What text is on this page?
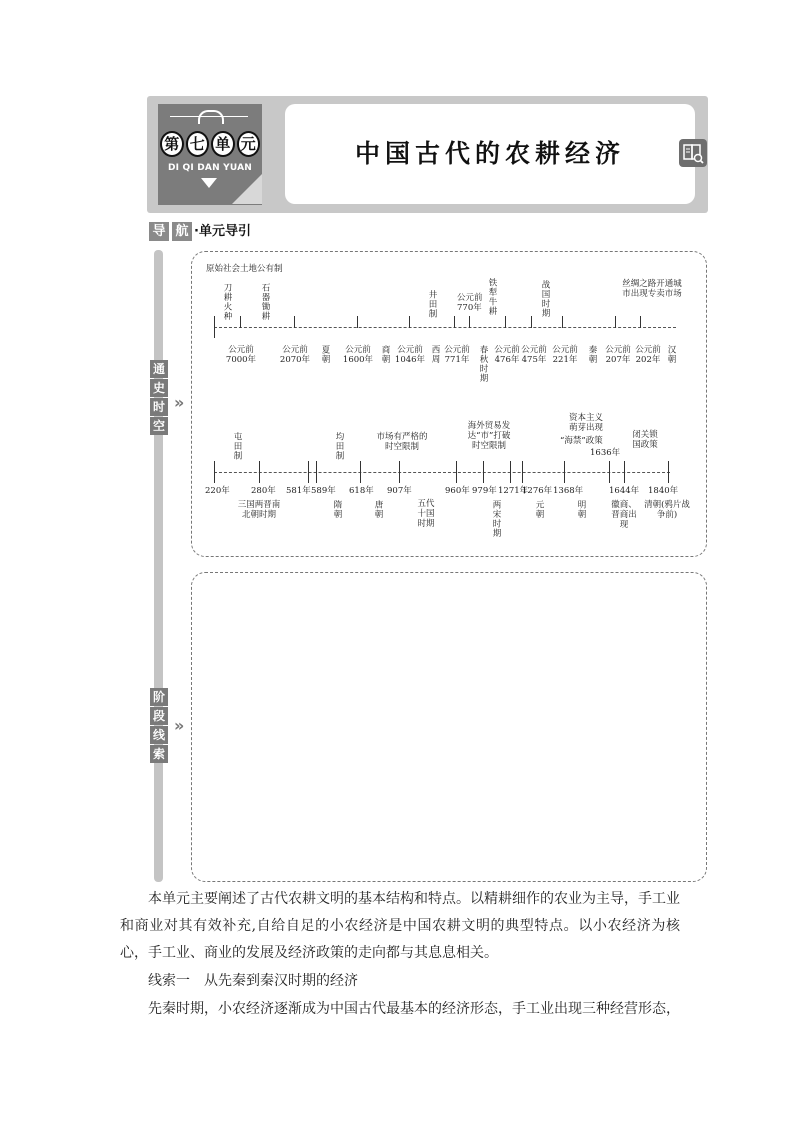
第 七 单 元
DI QI DAN YUAN	中国古代的农耕经济
导 航 ·单元导引
通
史
时
空
»
阶
段
线
索
»
原始社会土地公有制
刀耕火种	石器锄耕	井田制 公元前770年 铁犁牛耕	战国时期	丝绸之路开通城市出现专卖市场
公元前7000年
公元前2070年 夏朝	公元前1600年 商朝 公元前1046年 西周 公元前771年	春秋时期 公元前476年
公元前475年
公元前221年	秦朝 公元前207年
公元前202年 汉朝
屯田制	均田制	市场有严格的时空限制
海外贸易发达“市”打破时空限制
资本主义萌芽出现
“海禁”政策
1636年
闭关锁国政策
220年
三国两晋南北朝时期
280年 581年
隋朝
589年 618年
唐朝
907年
五代十国时期
960年 979年
两宋时期
1271年
1276年
元朝
1368年
明朝
1644年
徽商、晋商出现
1840年
清朝(鸦片战争前)
本单元主要阐述了古代农耕文明的基本结构和特点。以精耕细作的农业为主导，手工业和商业对其有效补充,自给自足的小农经济是中国农耕文明的典型特点。以小农经济为核心，手工业、商业的发展及经济政策的走向都与其息息相关。
线索一　从先秦到秦汉时期的经济
先秦时期，小农经济逐渐成为中国古代最基本的经济形态，手工业出现三种经营形态，
